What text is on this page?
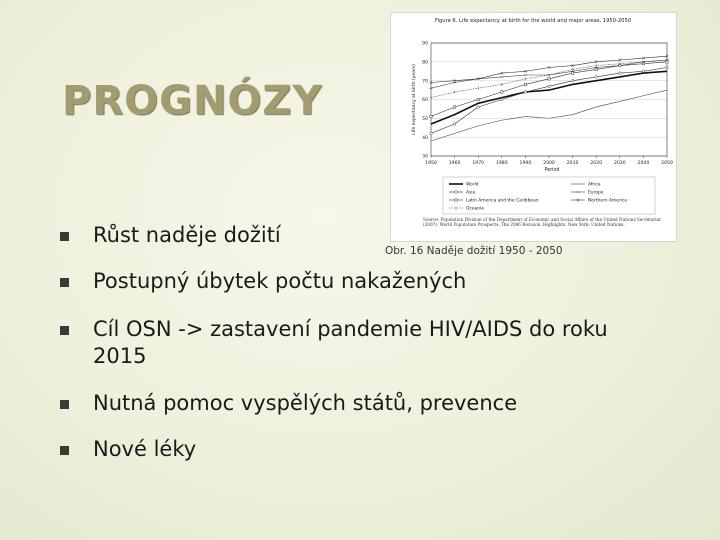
PROGNÓZY
Figure 6. Life expectancy at birth for the world and major areas, 1950-2050
Life expectancy at birth (years)
Period
90
80
70
60
50
40
30
1950	1960	1970	1980	1990	2000	2010	2020	2030	2040	2050
World	Africa
Asia	Europe
Latin America and the Caribbean	Northern America
Oceania
Source: Population Division of the Department of Economic and Social Affairs of the United Nations Secretariat (2007). World Population Prospects: The 2006 Revision. Highlights. New York: United Nations.
Obr. 16 Naděje dožití 1950 - 2050
Růst naděje dožití
Postupný úbytek počtu nakažených
Cíl OSN -> zastavení pandemie HIV/AIDS do roku 2015
Nutná pomoc vyspělých států, prevence
Nové léky
